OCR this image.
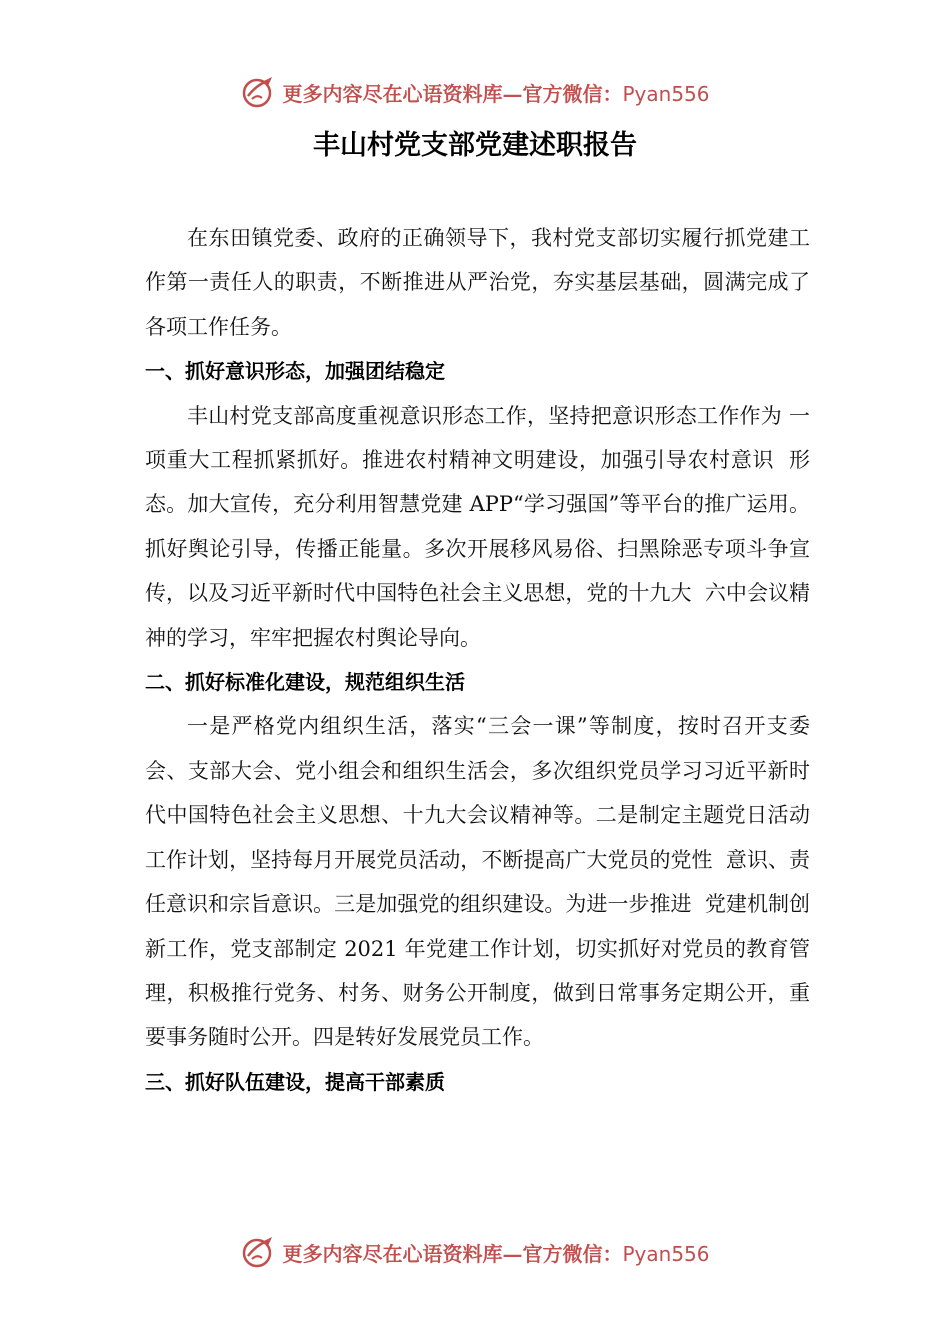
更多内容尽在心语资料库—官方微信：Pyan556
丰山村党支部党建述职报告

在东田镇党委、政府的正确领导下，我村党支部切实履行抓党建工作第一责任人的职责，不断推进从严治党，夯实基层基础，圆满完成了各项工作任务。

一、抓好意识形态，加强团结稳定

丰山村党支部高度重视意识形态工作，坚持把意识形态工作作为 一项重大工程抓紧抓好。推进农村精神文明建设，加强引导农村意识  形态。加大宣传，充分利用智慧党建 APP“学习强国”等平台的推广运用。抓好舆论引导，传播正能量。多次开展移风易俗、扫黑除恶专项斗争宣传，以及习近平新时代中国特色社会主义思想，党的十九大  六中会议精神的学习，牢牢把握农村舆论导向。

二、抓好标准化建设，规范组织生活

一是严格党内组织生活，落实“三会一课”等制度，按时召开支委会、支部大会、党小组会和组织生活会，多次组织党员学习习近平新时代中国特色社会主义思想、十九大会议精神等。二是制定主题党日活动工作计划，坚持每月开展党员活动，不断提高广大党员的党性  意识、责任意识和宗旨意识。三是加强党的组织建设。为进一步推进  党建机制创新工作，党支部制定 2021 年党建工作计划，切实抓好对党员的教育管理，积极推行党务、村务、财务公开制度，做到日常事务定期公开，重要事务随时公开。四是转好发展党员工作。

三、抓好队伍建设，提高干部素质

更多内容尽在心语资料库—官方微信：Pyan556
